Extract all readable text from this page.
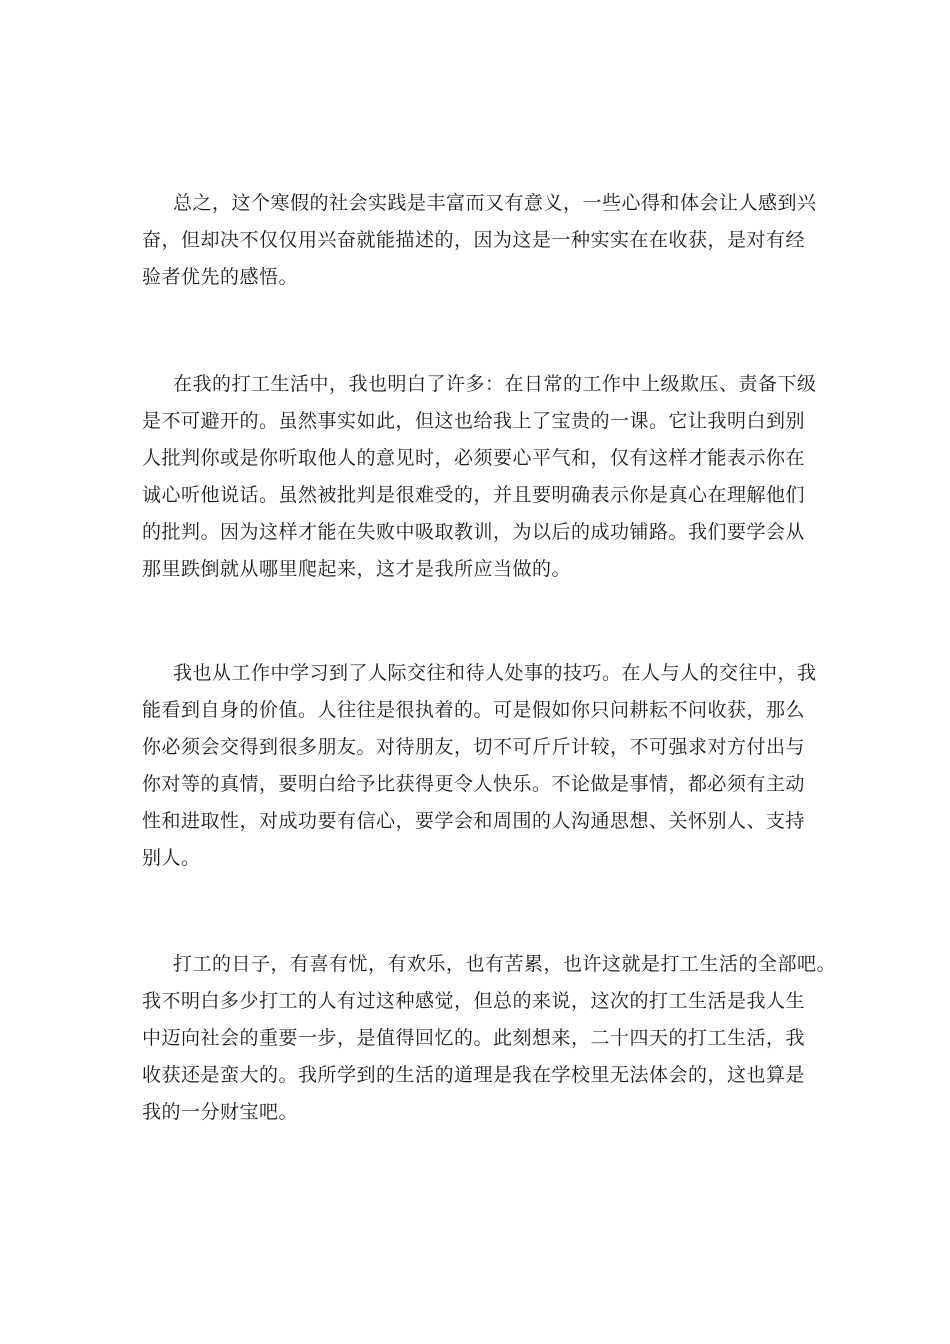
总之，这个寒假的社会实践是丰富而又有意义，一些心得和体会让人感到兴
奋，但却决不仅仅用兴奋就能描述的，因为这是一种实实在在收获，是对有经
验者优先的感悟。
在我的打工生活中，我也明白了许多：在日常的工作中上级欺压、责备下级
是不可避开的。虽然事实如此，但这也给我上了宝贵的一课。它让我明白到别
人批判你或是你听取他人的意见时，必须要心平气和，仅有这样才能表示你在
诚心听他说话。虽然被批判是很难受的，并且要明确表示你是真心在理解他们
的批判。因为这样才能在失败中吸取教训，为以后的成功铺路。我们要学会从
那里跌倒就从哪里爬起来，这才是我所应当做的。
我也从工作中学习到了人际交往和待人处事的技巧。在人与人的交往中，我
能看到自身的价值。人往往是很执着的。可是假如你只问耕耘不问收获，那么
你必须会交得到很多朋友。对待朋友，切不可斤斤计较，不可强求对方付出与
你对等的真情，要明白给予比获得更令人快乐。不论做是事情，都必须有主动
性和进取性，对成功要有信心，要学会和周围的人沟通思想、关怀别人、支持
别人。
打工的日子，有喜有忧，有欢乐，也有苦累，也许这就是打工生活的全部吧。
我不明白多少打工的人有过这种感觉，但总的来说，这次的打工生活是我人生
中迈向社会的重要一步，是值得回忆的。此刻想来，二十四天的打工生活，我
收获还是蛮大的。我所学到的生活的道理是我在学校里无法体会的，这也算是
我的一分财宝吧。
